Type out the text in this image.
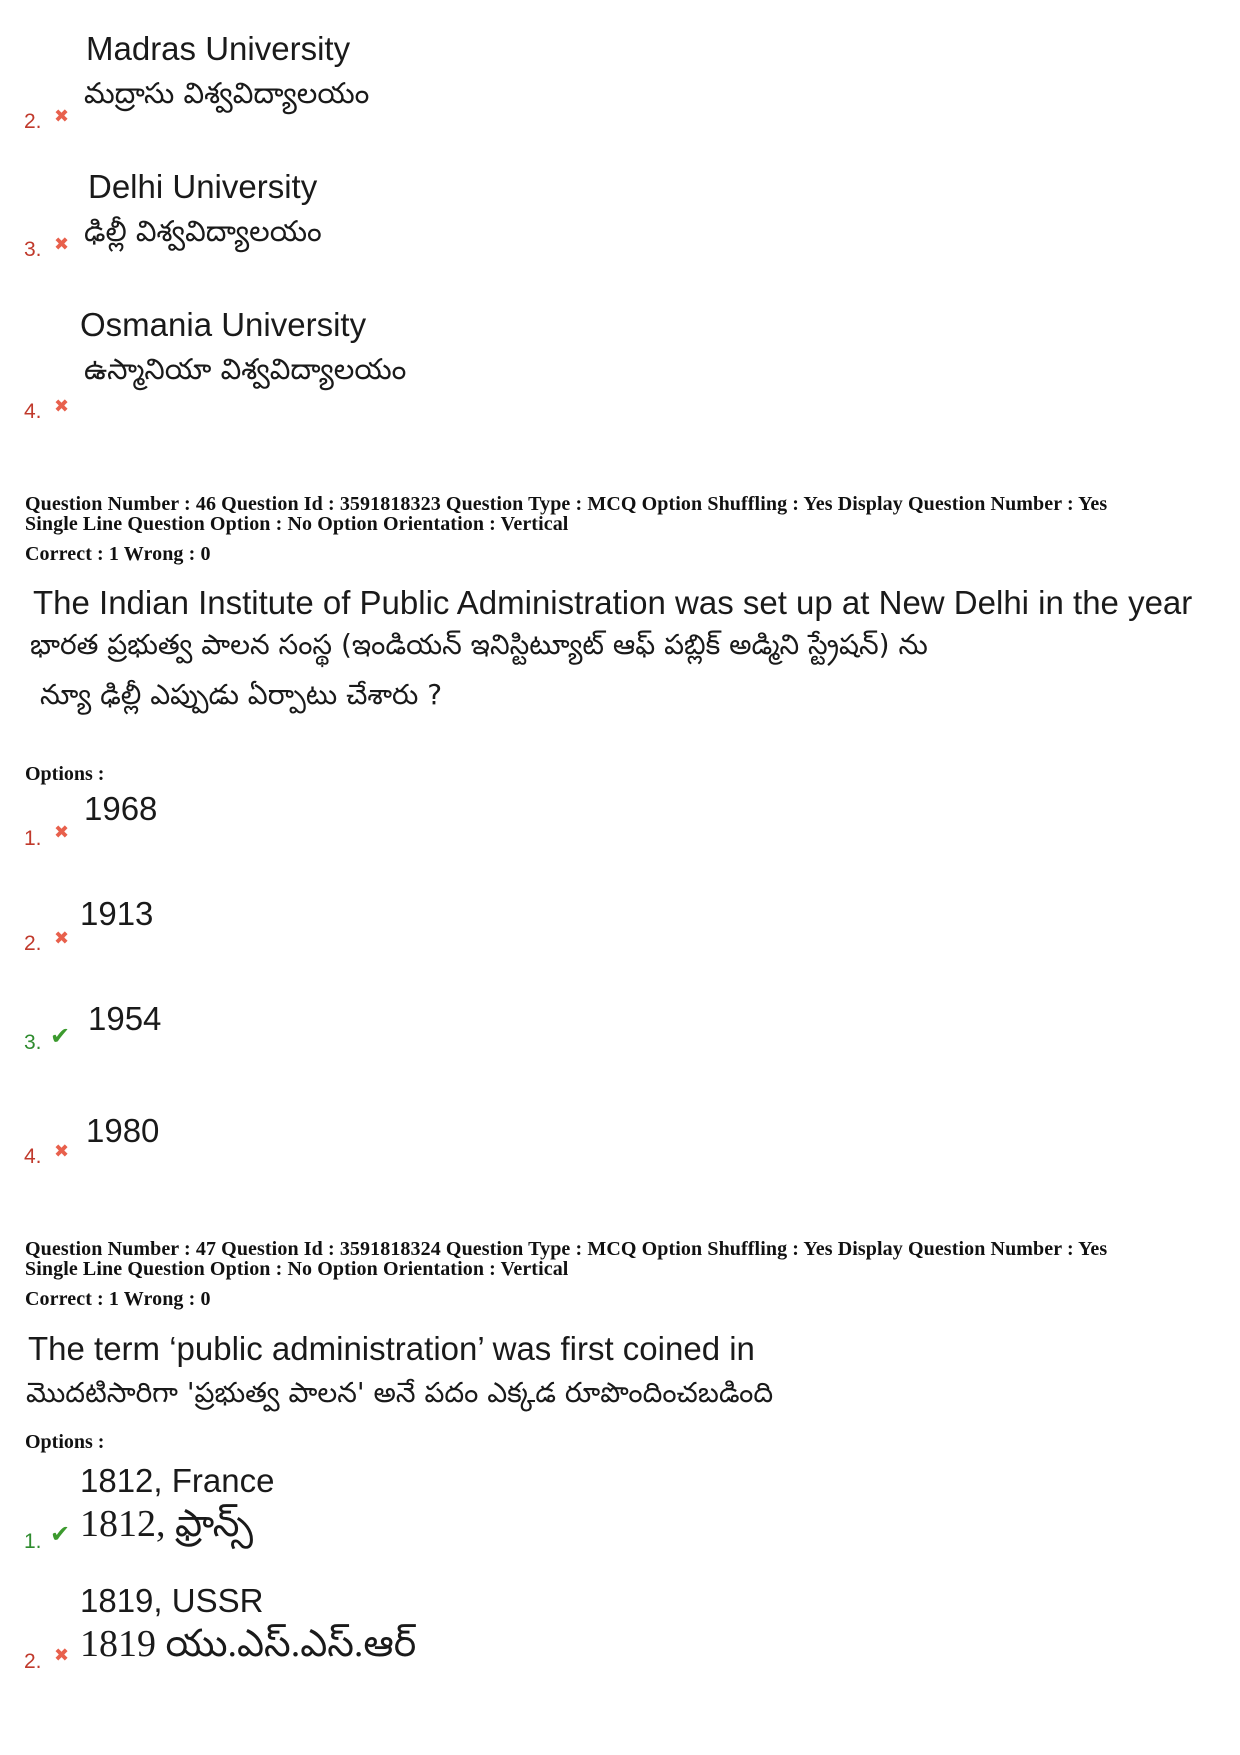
Madras University
మద్రాసు విశ్వవిద్యాలయం
2. ✖
Delhi University
ఢిల్లీ విశ్వవిద్యాలయం
3. ✖
Osmania University
ఉస్మానియా విశ్వవిద్యాలయం
4. ✖
Question Number : 46 Question Id : 3591818323 Question Type : MCQ Option Shuffling : Yes Display Question Number : Yes
Single Line Question Option : No Option Orientation : Vertical
Correct : 1 Wrong : 0
The Indian Institute of Public Administration was set up at New Delhi in the year
భారత ప్రభుత్వ పాలన సంస్థ (ఇండియన్ ఇనిస్టిట్యూట్ ఆఫ్ పబ్లిక్ అడ్మిని స్ట్రేషన్) ను
న్యూ ఢిల్లీ ఎప్పుడు ఏర్పాటు చేశారు ?
Options :
1968
1. ✖
1913
2. ✖
1954
3. ✔
1980
4. ✖
Question Number : 47 Question Id : 3591818324 Question Type : MCQ Option Shuffling : Yes Display Question Number : Yes
Single Line Question Option : No Option Orientation : Vertical
Correct : 1 Wrong : 0
The term ‘public administration’ was first coined in
మొదటిసారిగా 'ప్రభుత్వ పాలన' అనే పదం ఎక్కడ రూపొందించబడింది
Options :
1812, France
1812, ఫ్రాన్స్
1. ✔
1819, USSR
1819 యు.ఎస్.ఎస్.ఆర్
2. ✖
